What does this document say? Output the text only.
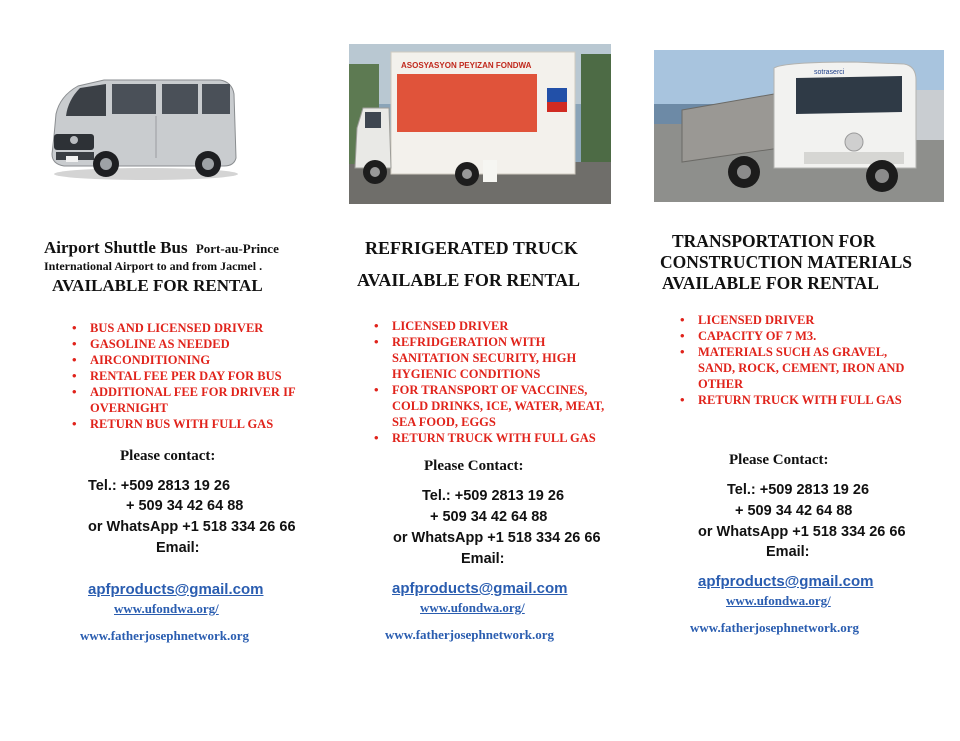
Airport Shuttle Bus Port-au-Prince
International Airport to and from Jacmel .
AVAILABLE FOR RENTAL
• BUS AND LICENSED DRIVER
• GASOLINE AS NEEDED
• AIRCONDITIONING
• RENTAL FEE PER DAY FOR BUS
• ADDITIONAL FEE FOR DRIVER IF OVERNIGHT
• RETURN BUS WITH FULL GAS
Please contact:
Tel.: +509 2813 19 26
+ 509 34 42 64 88
or WhatsApp +1 518 334 26 66
Email:
apfproducts@gmail.com
www.ufondwa.org/
www.fatherjosephnetwork.org
ASOSYASYON PEYIZAN FONDWA
REFRIGERATED TRUCK
AVAILABLE FOR RENTAL
• LICENSED DRIVER
• REFRIDGERATION WITH SANITATION SECURITY, HIGH HYGIENIC CONDITIONS
• FOR TRANSPORT OF VACCINES, COLD DRINKS, ICE, WATER, MEAT, SEA FOOD, EGGS
• RETURN TRUCK WITH FULL GAS
Please Contact:
Tel.: +509 2813 19 26
+ 509 34 42 64 88
or WhatsApp +1 518 334 26 66
Email:
apfproducts@gmail.com
www.ufondwa.org/
www.fatherjosephnetwork.org
sotraserci
TRANSPORTATION FOR
CONSTRUCTION MATERIALS
AVAILABLE FOR RENTAL
• LICENSED DRIVER
• CAPACITY OF 7 M3.
• MATERIALS SUCH AS GRAVEL, SAND, ROCK, CEMENT, IRON AND OTHER
• RETURN TRUCK WITH FULL GAS
Please Contact:
Tel.: +509 2813 19 26
+ 509 34 42 64 88
or WhatsApp +1 518 334 26 66
Email:
apfproducts@gmail.com
www.ufondwa.org/
www.fatherjosephnetwork.org
